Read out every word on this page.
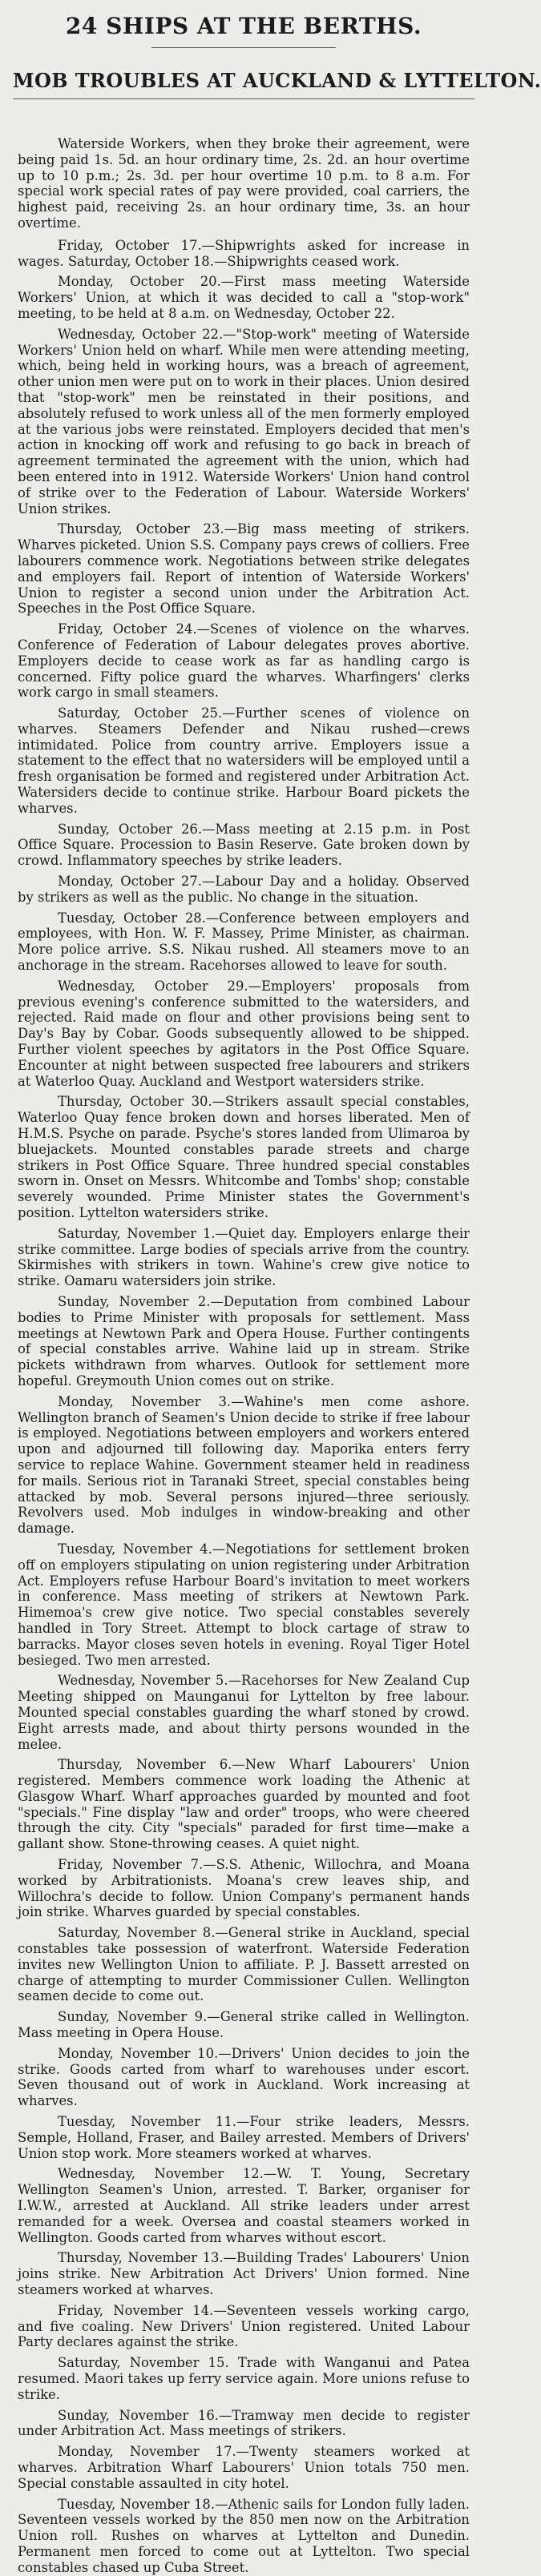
24 SHIPS AT THE BERTHS.
MOB TROUBLES AT AUCKLAND & LYTTELTON.

Waterside Workers, when they broke their agreement, were being paid 1s. 5d. an hour ordinary time, 2s. 2d. an hour overtime up to 10 p.m.; 2s. 3d. per hour overtime 10 p.m. to 8 a.m. For special work special rates of pay were provided, coal carriers, the highest paid, receiving 2s. an hour ordinary time, 3s. an hour overtime.

Friday, October 17.—Shipwrights asked for increase in wages. Saturday, October 18.—Shipwrights ceased work.

Monday, October 20.—First mass meeting Waterside Workers' Union, at which it was decided to call a "stop-work" meeting, to be held at 8 a.m. on Wednesday, October 22.

Wednesday, October 22.—"Stop-work" meeting of Waterside Workers' Union held on wharf. While men were attending meeting, which, being held in working hours, was a breach of agreement, other union men were put on to work in their places. Union desired that "stop-work" men be reinstated in their positions, and absolutely refused to work unless all of the men formerly employed at the various jobs were reinstated. Employers decided that men's action in knocking off work and refusing to go back in breach of agreement terminated the agreement with the union, which had been entered into in 1912. Waterside Workers' Union hand control of strike over to the Federation of Labour. Waterside Workers' Union strikes.

Thursday, October 23.—Big mass meeting of strikers. Wharves picketed. Union S.S. Company pays crews of colliers. Free labourers commence work. Negotiations between strike delegates and employers fail. Report of intention of Waterside Workers' Union to register a second union under the Arbitration Act. Speeches in the Post Office Square.

Friday, October 24.—Scenes of violence on the wharves. Conference of Federation of Labour delegates proves abortive. Employers decide to cease work as far as handling cargo is concerned. Fifty police guard the wharves. Wharfingers' clerks work cargo in small steamers.

Saturday, October 25.—Further scenes of violence on wharves. Steamers Defender and Nikau rushed—crews intimidated. Police from country arrive. Employers issue a statement to the effect that no watersiders will be employed until a fresh organisation be formed and registered under Arbitration Act. Watersiders decide to continue strike. Harbour Board pickets the wharves.

Sunday, October 26.—Mass meeting at 2.15 p.m. in Post Office Square. Procession to Basin Reserve. Gate broken down by crowd. Inflammatory speeches by strike leaders.

Monday, October 27.—Labour Day and a holiday. Observed by strikers as well as the public. No change in the situation.

Tuesday, October 28.—Conference between employers and employees, with Hon. W. F. Massey, Prime Minister, as chairman. More police arrive. S.S. Nikau rushed. All steamers move to an anchorage in the stream. Racehorses allowed to leave for south.

Wednesday, October 29.—Employers' proposals from previous evening's conference submitted to the watersiders, and rejected. Raid made on flour and other provisions being sent to Day's Bay by Cobar. Goods subsequently allowed to be shipped. Further violent speeches by agitators in the Post Office Square. Encounter at night between suspected free labourers and strikers at Waterloo Quay. Auckland and Westport watersiders strike.

Thursday, October 30.—Strikers assault special constables, Waterloo Quay fence broken down and horses liberated. Men of H.M.S. Psyche on parade. Psyche's stores landed from Ulimaroa by bluejackets. Mounted constables parade streets and charge strikers in Post Office Square. Three hundred special constables sworn in. Onset on Messrs. Whitcombe and Tombs' shop; constable severely wounded. Prime Minister states the Government's position. Lyttelton watersiders strike.

Saturday, November 1.—Quiet day. Employers enlarge their strike committee. Large bodies of specials arrive from the country. Skirmishes with strikers in town. Wahine's crew give notice to strike. Oamaru watersiders join strike.

Sunday, November 2.—Deputation from combined Labour bodies to Prime Minister with proposals for settlement. Mass meetings at Newtown Park and Opera House. Further contingents of special constables arrive. Wahine laid up in stream. Strike pickets withdrawn from wharves. Outlook for settlement more hopeful. Greymouth Union comes out on strike.

Monday, November 3.—Wahine's men come ashore. Wellington branch of Seamen's Union decide to strike if free labour is employed. Negotiations between employers and workers entered upon and adjourned till following day. Maporika enters ferry service to replace Wahine. Government steamer held in readiness for mails. Serious riot in Taranaki Street, special constables being attacked by mob. Several persons injured—three seriously. Revolvers used. Mob indulges in window-breaking and other damage.

Tuesday, November 4.—Negotiations for settlement broken off on employers stipulating on union registering under Arbitration Act. Employers refuse Harbour Board's invitation to meet workers in conference. Mass meeting of strikers at Newtown Park. Himemoa's crew give notice. Two special constables severely handled in Tory Street. Attempt to block cartage of straw to barracks. Mayor closes seven hotels in evening. Royal Tiger Hotel besieged. Two men arrested.

Wednesday, November 5.—Racehorses for New Zealand Cup Meeting shipped on Maunganui for Lyttelton by free labour. Mounted special constables guarding the wharf stoned by crowd. Eight arrests made, and about thirty persons wounded in the melee.

Thursday, November 6.—New Wharf Labourers' Union registered. Members commence work loading the Athenic at Glasgow Wharf. Wharf approaches guarded by mounted and foot "specials." Fine display "law and order" troops, who were cheered through the city. City "specials" paraded for first time—make a gallant show. Stone-throwing ceases. A quiet night.

Friday, November 7.—S.S. Athenic, Willochra, and Moana worked by Arbitrationists. Moana's crew leaves ship, and Willochra's decide to follow. Union Company's permanent hands join strike. Wharves guarded by special constables.

Saturday, November 8.—General strike in Auckland, special constables take possession of waterfront. Waterside Federation invites new Wellington Union to affiliate. P. J. Bassett arrested on charge of attempting to murder Commissioner Cullen. Wellington seamen decide to come out.

Sunday, November 9.—General strike called in Wellington. Mass meeting in Opera House.

Monday, November 10.—Drivers' Union decides to join the strike. Goods carted from wharf to warehouses under escort. Seven thousand out of work in Auckland. Work increasing at wharves.

Tuesday, November 11.—Four strike leaders, Messrs. Semple, Holland, Fraser, and Bailey arrested. Members of Drivers' Union stop work. More steamers worked at wharves.

Wednesday, November 12.—W. T. Young, Secretary Wellington Seamen's Union, arrested. T. Barker, organiser for I.W.W., arrested at Auckland. All strike leaders under arrest remanded for a week. Oversea and coastal steamers worked in Wellington. Goods carted from wharves without escort.

Thursday, November 13.—Building Trades' Labourers' Union joins strike. New Arbitration Act Drivers' Union formed. Nine steamers worked at wharves.

Friday, November 14.—Seventeen vessels working cargo, and five coaling. New Drivers' Union registered. United Labour Party declares against the strike.

Saturday, November 15. Trade with Wanganui and Patea resumed. Maori takes up ferry service again. More unions refuse to strike.

Sunday, November 16.—Tramway men decide to register under Arbitration Act. Mass meetings of strikers.

Monday, November 17.—Twenty steamers worked at wharves. Arbitration Wharf Labourers' Union totals 750 men. Special constable assaulted in city hotel.

Tuesday, November 18.—Athenic sails for London fully laden. Seventeen vessels worked by the 850 men now on the Arbitration Union roll. Rushes on wharves at Lyttelton and Dunedin. Permanent men forced to come out at Lyttelton. Two special constables chased up Cuba Street.
